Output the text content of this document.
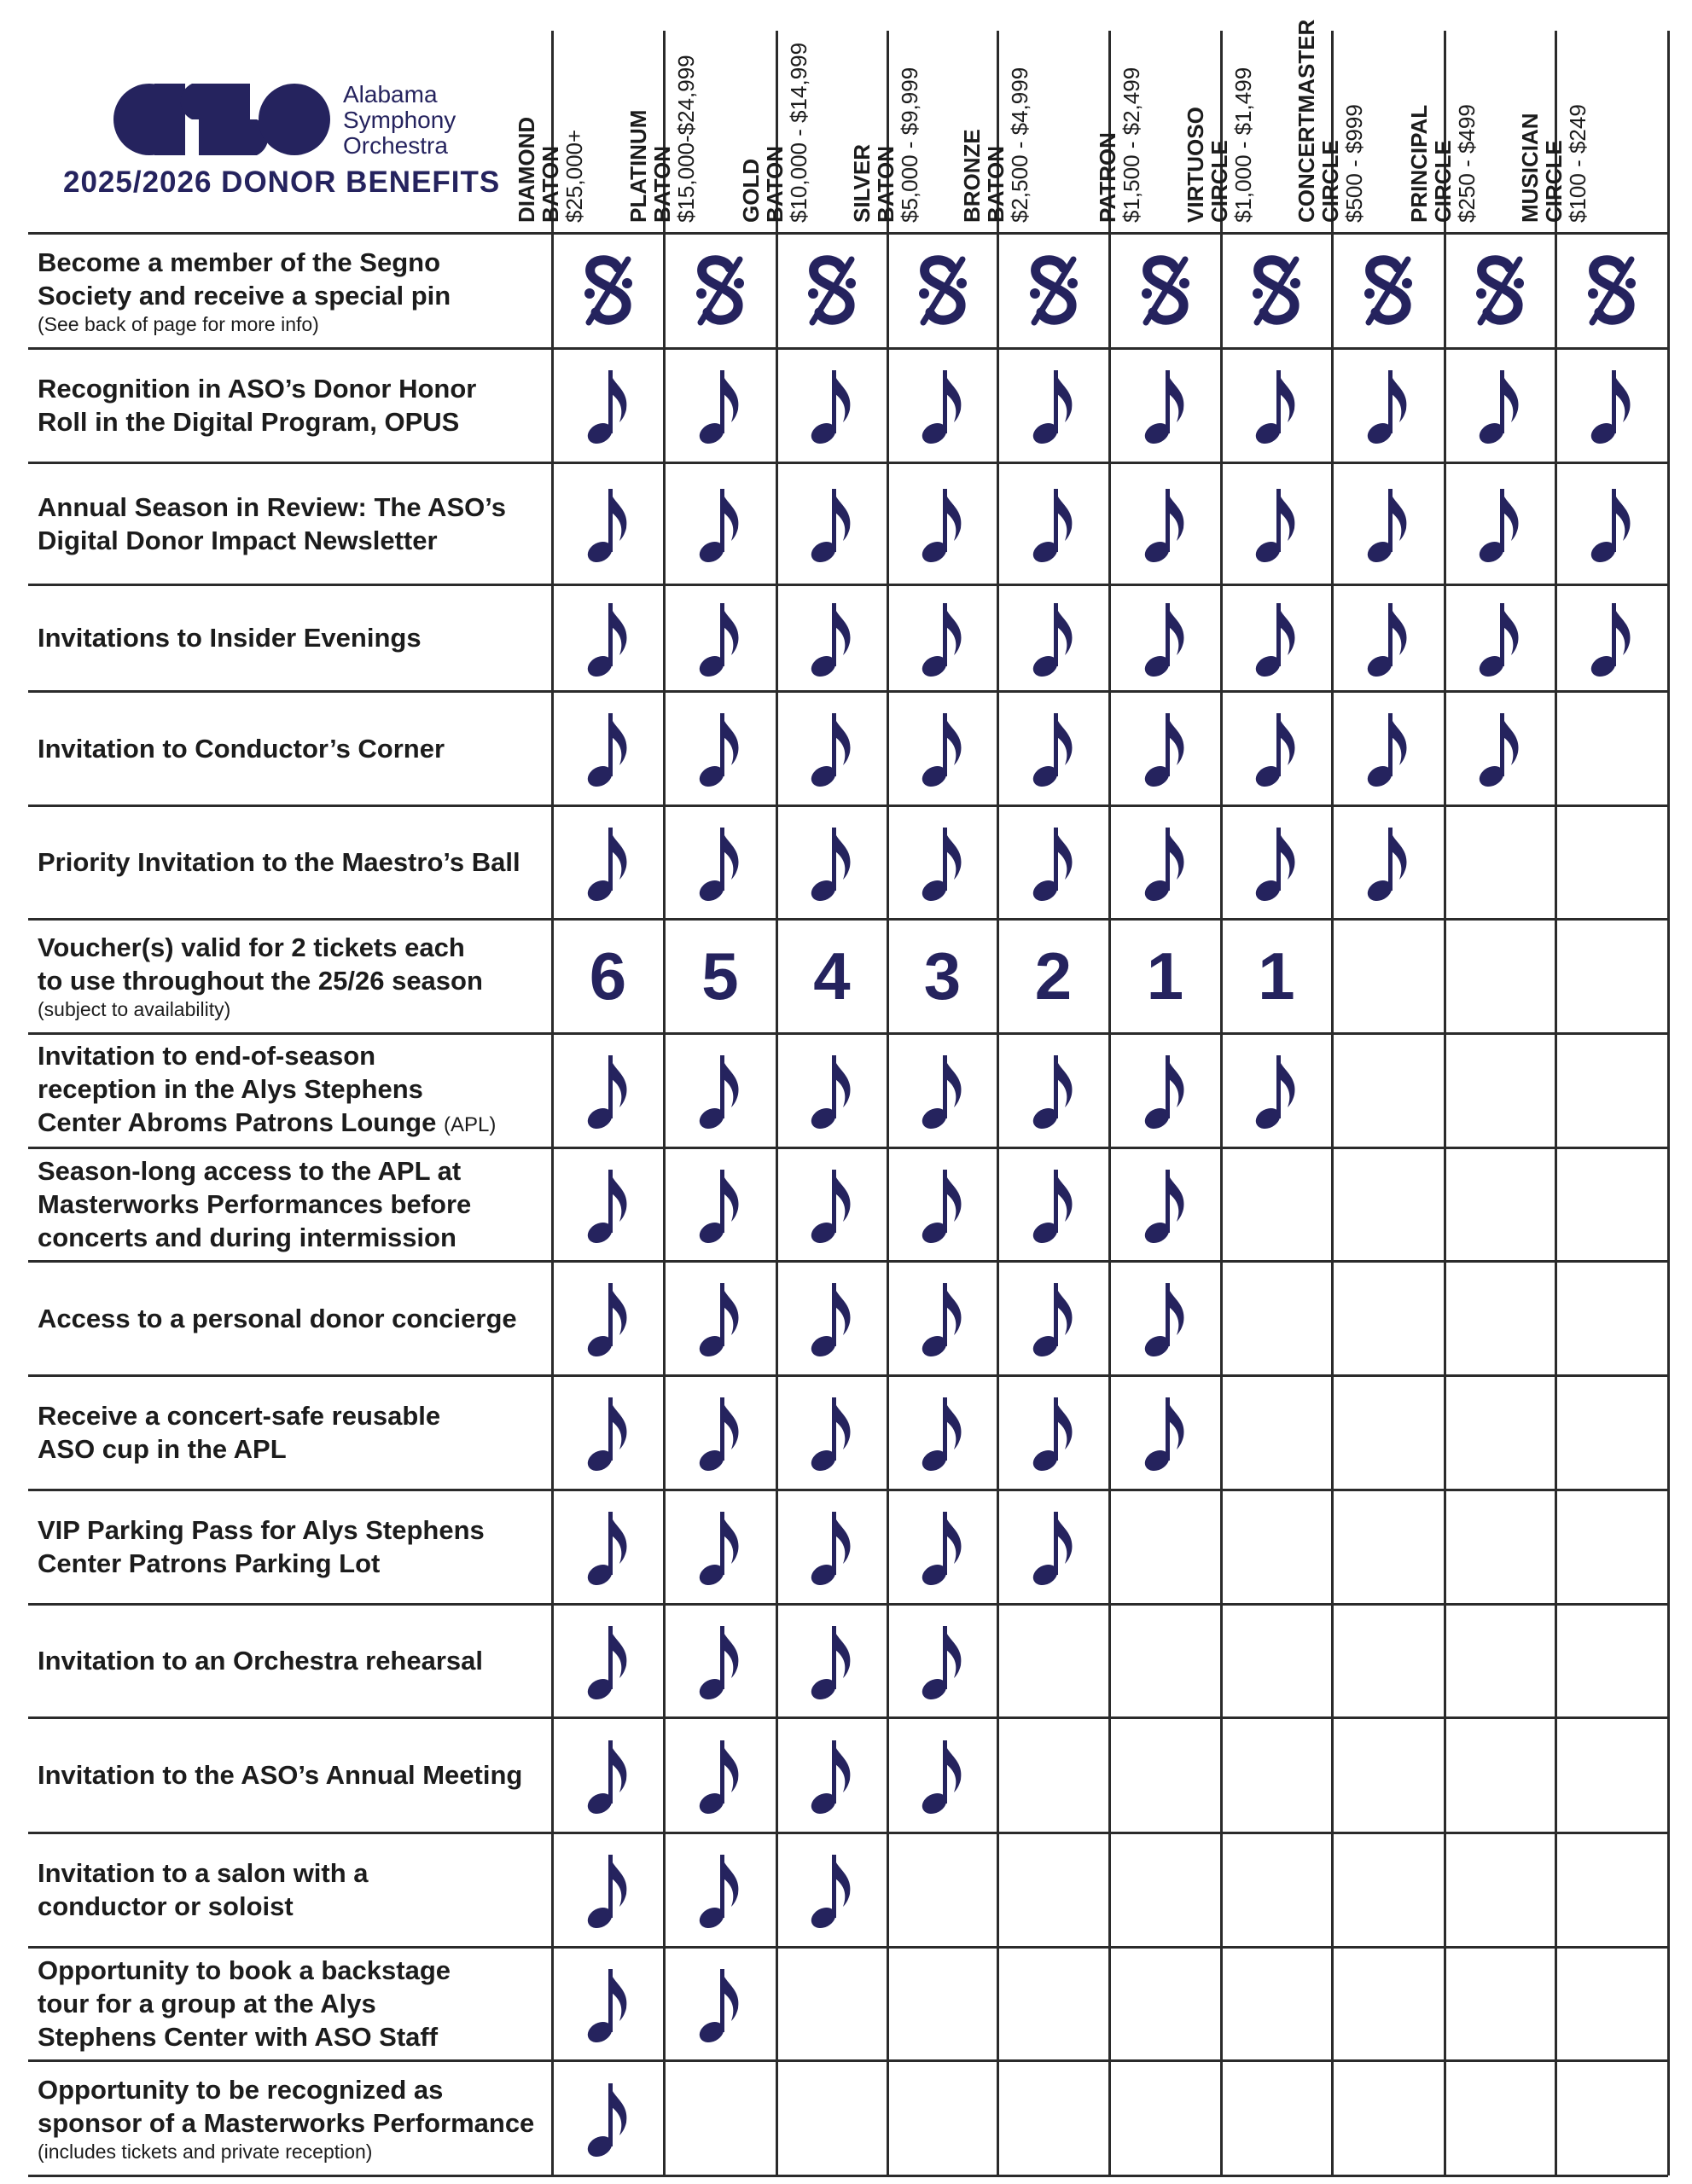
Alabama
Symphony
Orchestra
2025/2026 DONOR BENEFITS DIAMOND
BATON
$25,000+ PLATINUM
BATON
$15,000-$24,999 GOLD
BATON
$10,000 - $14,999 SILVER
BATON
$5,000 - $9,999 BRONZE
BATON
$2,500 - $4,999	PATRON
$1,500 - $2,499 VIRTUOSO
CIRCLE
$1,000 - $1,499 CONCERTMASTER
CIRCLE
$500 - $999 PRINCIPAL
CIRCLE
$250 - $499 MUSICIAN
CIRCLE
$100 - $249
Become a member of the Segno
Society and receive a special pin
(See back of page for more info)
Recognition in ASO’s Donor Honor
Roll in the Digital Program, OPUS
Annual Season in Review: The ASO’s
Digital Donor Impact Newsletter
Invitations to Insider Evenings
Invitation to Conductor’s Corner
Priority Invitation to the Maestro’s Ball
Voucher(s) valid for 2 tickets each
to use throughout the 25/26 season
(subject to availability)	6 5 4 3 2 1 1
Invitation to end-of-season
reception in the Alys Stephens
Center Abroms Patrons Lounge (APL)
Season-long access to the APL at
Masterworks Performances before
concerts and during intermission
Access to a personal donor concierge
Receive a concert-safe reusable
ASO cup in the APL
VIP Parking Pass for Alys Stephens
Center Patrons Parking Lot
Invitation to an Orchestra rehearsal
Invitation to the ASO’s Annual Meeting
Invitation to a salon with a
conductor or soloist
Opportunity to book a backstage
tour for a group at the Alys
Stephens Center with ASO Staff
Opportunity to be recognized as
sponsor of a Masterworks Performance
(includes tickets and private reception)
